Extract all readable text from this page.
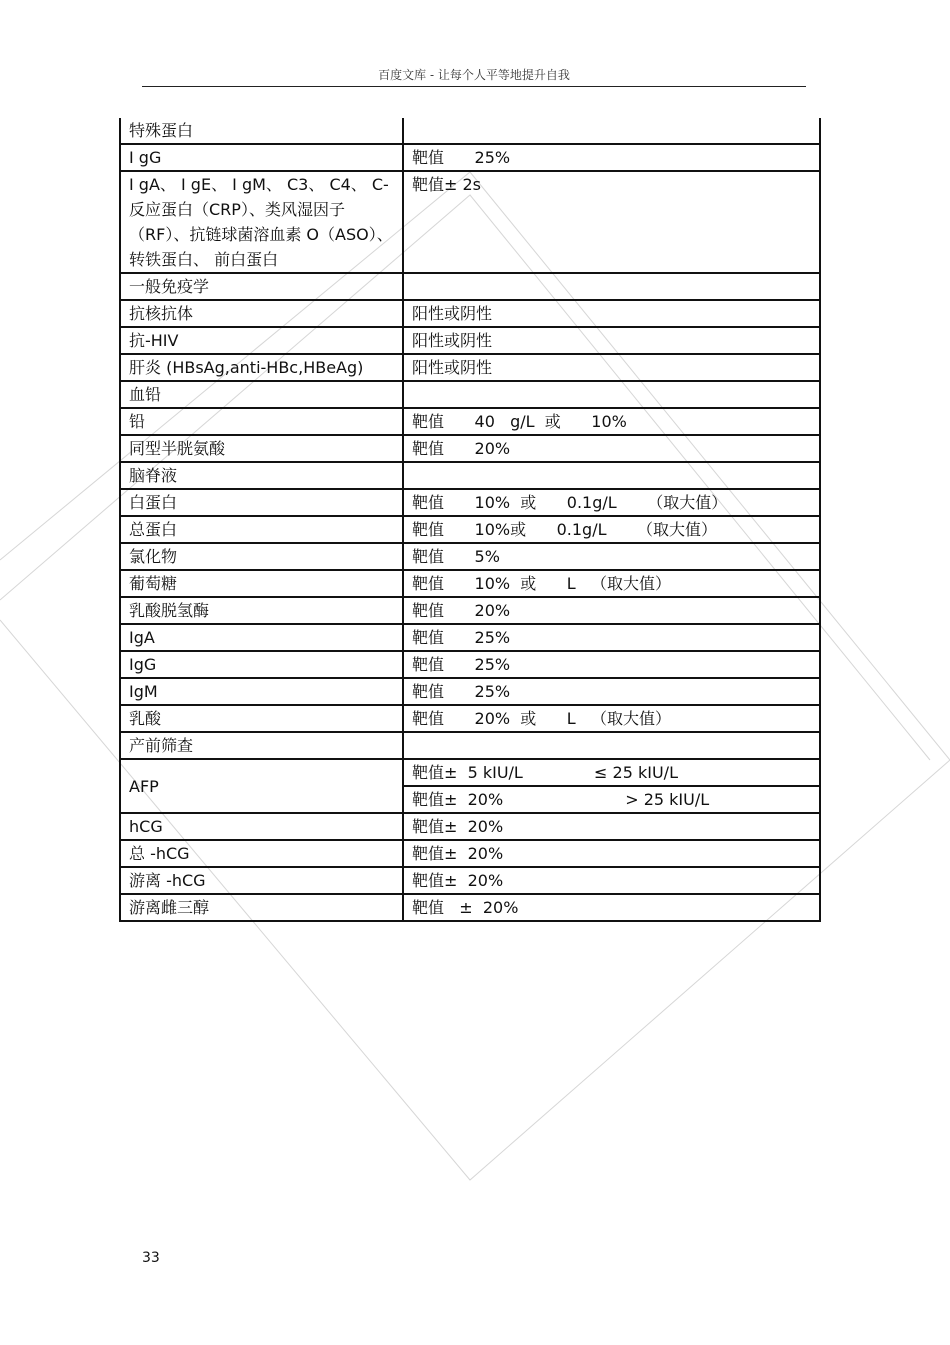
百度文库 - 让每个人平等地提升自我
特殊蛋白	
I gG	靶值      25%
I gA、 I gE、 I gM、 C3、 C4、 C-反应蛋白（CRP）、类风湿因子（RF）、抗链球菌溶血素 O（ASO）、转铁蛋白、 前白蛋白	靶值± 2s
一般免疫学	
抗核抗体	阳性或阴性
抗-HIV	阳性或阴性
肝炎 (HBsAg,anti-HBc,HBeAg)	阳性或阴性
血铅	
铅	靶值      40   g/L  或      10%
同型半胱氨酸	靶值      20%
脑脊液	
白蛋白	靶值      10%  或      0.1g/L      （取大值）
总蛋白	靶值      10%或      0.1g/L      （取大值）
氯化物	靶值      5%
葡萄糖	靶值      10%  或      L   （取大值）
乳酸脱氢酶	靶值      20%
IgA	靶值      25%
IgG	靶值      25%
IgM	靶值      25%
乳酸	靶值      20%  或      L   （取大值）
产前筛查	
AFP	靶值±  5 kIU/L              ≤ 25 kIU/L
	靶值±  20%                        > 25 kIU/L
hCG	靶值±  20%
总 -hCG	靶值±  20%
游离 -hCG	靶值±  20%
游离雌三醇	靶值   ±  20%
33
